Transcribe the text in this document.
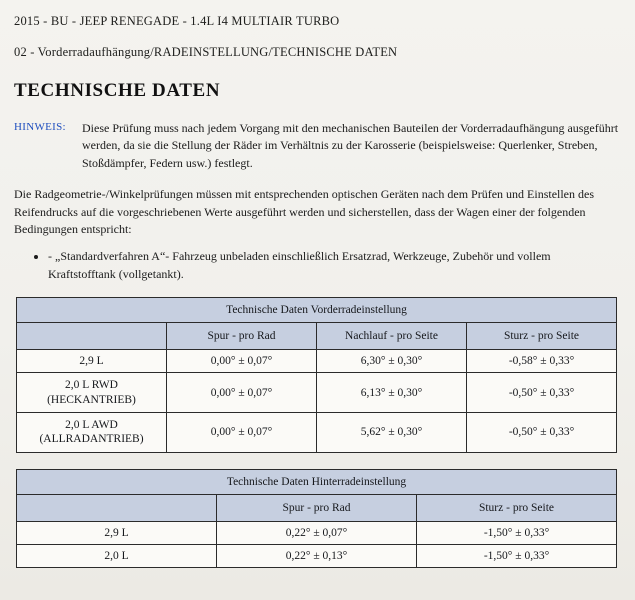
2015 - BU - JEEP RENEGADE - 1.4L I4 MULTIAIR TURBO
02 - Vorderradaufhängung/RADEINSTELLUNG/TECHNISCHE DATEN
TECHNISCHE DATEN
HINWEIS:	Diese Prüfung muss nach jedem Vorgang mit den mechanischen Bauteilen der Vorderradaufhängung ausgeführt werden, da sie die Stellung der Räder im Verhältnis zu der Karosserie (beispielsweise: Querlenker, Streben, Stoßdämpfer, Federn usw.) festlegt.

Die Radgeometrie-/Winkelprüfungen müssen mit entsprechenden optischen Geräten nach dem Prüfen und Einstellen des Reifendrucks auf die vorgeschriebenen Werte ausgeführt werden und sicherstellen, dass der Wagen einer der folgenden Bedingungen entspricht:

• - „Standardverfahren A“- Fahrzeug unbeladen einschließlich Ersatzrad, Werkzeuge, Zubehör und vollem Kraftstofftank (vollgetankt).
Technische Daten Vorderradeinstellung			
	Spur - pro Rad	Nachlauf - pro Seite	Sturz - pro Seite
2,9 L	0,00° ± 0,07°	6,30° ± 0,30°	-0,58° ± 0,33°

2,0 L RWD
(HECKANTRIEB)	0,00° ± 0,07°	6,13° ± 0,30°	-0,50° ± 0,33°

2,0 L AWD
(ALLRADANTRIEB)	0,00° ± 0,07°	5,62° ± 0,30°	-0,50° ± 0,33°
Technische Daten Hinterradeinstellung		
	Spur - pro Rad	Sturz - pro Seite
2,9 L	0,22° ± 0,07°	-1,50° ± 0,33°
2,0 L	0,22° ± 0,13°	-1,50° ± 0,33°
